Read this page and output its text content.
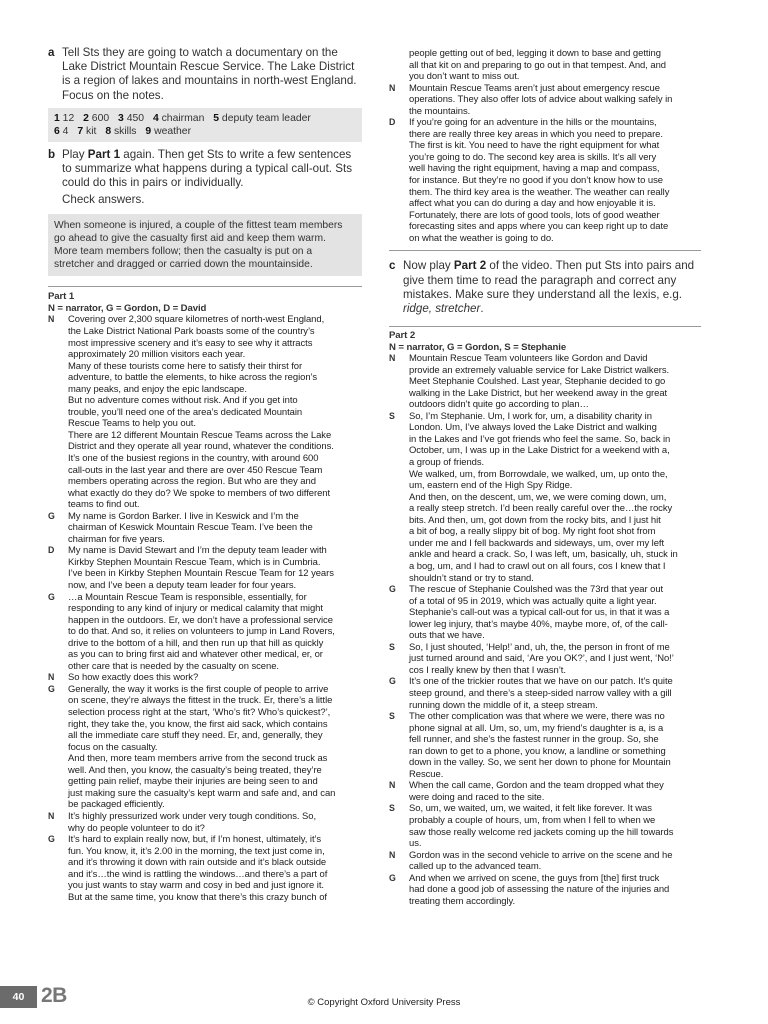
a Tell Sts they are going to watch a documentary on the
Lake District Mountain Rescue Service. The Lake District
is a region of lakes and mountains in north-west England.
Focus on the notes.
1 12 2 600 3 450 4 chairman 5 deputy team leader
6 4 7 kit 8 skills 9 weather
b Play Part 1 again. Then get Sts to write a few sentences
to summarize what happens during a typical call-out. Sts
could do this in pairs or individually.
Check answers.
When someone is injured, a couple of the fittest team members
go ahead to give the casualty first aid and keep them warm.
More team members follow; then the casualty is put on a
stretcher and dragged or carried down the mountainside.
Part 1
N = narrator, G = Gordon, D = David
N Covering over 2,300 square kilometres of north-west England,
the Lake District National Park boasts some of the country’s
most impressive scenery and it’s easy to see why it attracts
approximately 20 million visitors each year.
Many of these tourists come here to satisfy their thirst for
adventure, to battle the elements, to hike across the region’s
many peaks, and enjoy the epic landscape.
But no adventure comes without risk. And if you get into
trouble, you’ll need one of the area’s dedicated Mountain
Rescue Teams to help you out.
There are 12 different Mountain Rescue Teams across the Lake
District and they operate all year round, whatever the conditions.
It’s one of the busiest regions in the country, with around 600
call-outs in the last year and there are over 450 Rescue Team
members operating across the region. But who are they and
what exactly do they do? We spoke to members of two different
teams to find out.
G My name is Gordon Barker. I live in Keswick and I’m the
chairman of Keswick Mountain Rescue Team. I’ve been the
chairman for five years.
D My name is David Stewart and I’m the deputy team leader with
Kirkby Stephen Mountain Rescue Team, which is in Cumbria.
I’ve been in Kirkby Stephen Mountain Rescue Team for 12 years
now, and I’ve been a deputy team leader for four years.
G …a Mountain Rescue Team is responsible, essentially, for
responding to any kind of injury or medical calamity that might
happen in the outdoors. Er, we don’t have a professional service
to do that. And so, it relies on volunteers to jump in Land Rovers,
drive to the bottom of a hill, and then run up that hill as quickly
as you can to bring first aid and whatever other medical, er, or
other care that is needed by the casualty on scene.
N So how exactly does this work?
G Generally, the way it works is the first couple of people to arrive
on scene, they’re always the fittest in the truck. Er, there’s a little
selection process right at the start, ‘Who’s fit? Who’s quickest?’,
right, they take the, you know, the first aid sack, which contains
all the immediate care stuff they need. Er, and, generally, they
focus on the casualty.
And then, more team members arrive from the second truck as
well. And then, you know, the casualty’s being treated, they’re
getting pain relief, maybe their injuries are being seen to and
just making sure the casualty’s kept warm and safe and, and can
be packaged efficiently.
N It’s highly pressurized work under very tough conditions. So,
why do people volunteer to do it?
G It’s hard to explain really now, but, if I’m honest, ultimately, it’s
fun. You know, it, it’s 2.00 in the morning, the text just come in,
and it’s throwing it down with rain outside and it’s black outside
and it’s…the wind is rattling the windows…and there’s a part of
you just wants to stay warm and cosy in bed and just ignore it.
But at the same time, you know that there’s this crazy bunch of
people getting out of bed, legging it down to base and getting
all that kit on and preparing to go out in that tempest. And, and
you don’t want to miss out.
N Mountain Rescue Teams aren’t just about emergency rescue
operations. They also offer lots of advice about walking safely in
the mountains.
D If you’re going for an adventure in the hills or the mountains,
there are really three key areas in which you need to prepare.
The first is kit. You need to have the right equipment for what
you’re going to do. The second key area is skills. It’s all very
well having the right equipment, having a map and compass,
for instance. But they’re no good if you don’t know how to use
them. The third key area is the weather. The weather can really
affect what you can do during a day and how enjoyable it is.
Fortunately, there are lots of good tools, lots of good weather
forecasting sites and apps where you can keep right up to date
on what the weather is going to do.
c Now play Part 2 of the video. Then put Sts into pairs and
give them time to read the paragraph and correct any
mistakes. Make sure they understand all the lexis, e.g.
ridge, stretcher.
Part 2
N = narrator, G = Gordon, S = Stephanie
N Mountain Rescue Team volunteers like Gordon and David
provide an extremely valuable service for Lake District walkers.
Meet Stephanie Coulshed. Last year, Stephanie decided to go
walking in the Lake District, but her weekend away in the great
outdoors didn’t quite go according to plan…
S So, I’m Stephanie. Um, I work for, um, a disability charity in
London. Um, I’ve always loved the Lake District and walking
in the Lakes and I’ve got friends who feel the same. So, back in
October, um, I was up in the Lake District for a weekend with a,
a group of friends.
We walked, um, from Borrowdale, we walked, um, up onto the,
um, eastern end of the High Spy Ridge.
And then, on the descent, um, we, we were coming down, um,
a really steep stretch. I’d been really careful over the…the rocky
bits. And then, um, got down from the rocky bits, and I just hit
a bit of bog, a really slippy bit of bog. My right foot shot from
under me and I fell backwards and sideways, um, over my left
ankle and heard a crack. So, I was left, um, basically, uh, stuck in
a bog, um, and I had to crawl out on all fours, cos I knew that I
shouldn’t stand or try to stand.
G The rescue of Stephanie Coulshed was the 73rd that year out
of a total of 95 in 2019, which was actually quite a light year.
Stephanie’s call-out was a typical call-out for us, in that it was a
lower leg injury, that’s maybe 40%, maybe more, of, of the call-
outs that we have.
S So, I just shouted, ‘Help!’ and, uh, the, the person in front of me
just turned around and said, ‘Are you OK?’, and I just went, ‘No!’
cos I really knew by then that I wasn’t.
G It’s one of the trickier routes that we have on our patch. It’s quite
steep ground, and there’s a steep-sided narrow valley with a gill
running down the middle of it, a steep stream.
S The other complication was that where we were, there was no
phone signal at all. Um, so, um, my friend’s daughter is a, is a
fell runner, and she’s the fastest runner in the group. So, she
ran down to get to a phone, you know, a landline or something
down in the valley. So, we sent her down to phone for Mountain
Rescue.
N When the call came, Gordon and the team dropped what they
were doing and raced to the site.
S So, um, we waited, um, we waited, it felt like forever. It was
probably a couple of hours, um, from when I fell to when we
saw those really welcome red jackets coming up the hill towards
us.
N Gordon was in the second vehicle to arrive on the scene and he
called up to the advanced team.
G And when we arrived on scene, the guys from [the] first truck
had done a good job of assessing the nature of the injuries and
treating them accordingly.
40 2B	© Copyright Oxford University Press
